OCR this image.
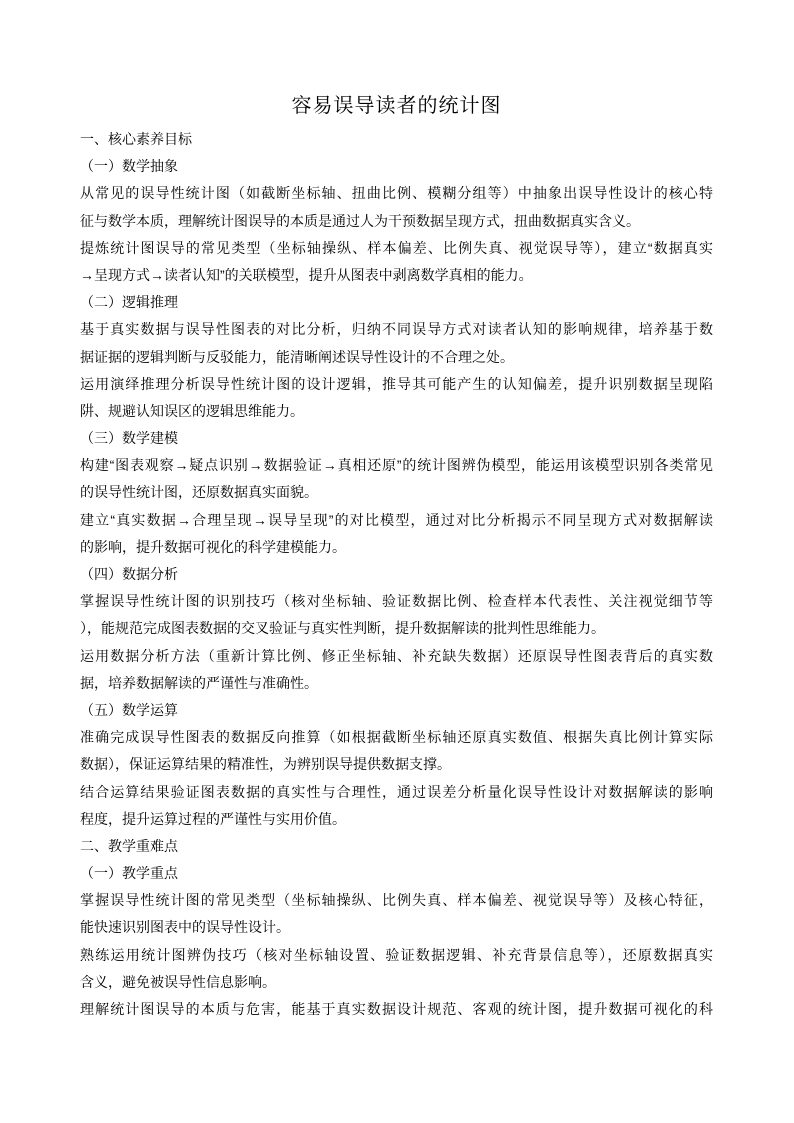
容易误导读者的统计图
一、核心素养目标
（一）数学抽象
从常见的误导性统计图（如截断坐标轴、扭曲比例、模糊分组等）中抽象出误导性设计的核心特
征与数学本质，理解统计图误导的本质是通过人为干预数据呈现方式，扭曲数据真实含义。
提炼统计图误导的常见类型（坐标轴操纵、样本偏差、比例失真、视觉误导等），建立“数据真实
→呈现方式→读者认知”的关联模型，提升从图表中剥离数学真相的能力。
（二）逻辑推理
基于真实数据与误导性图表的对比分析，归纳不同误导方式对读者认知的影响规律，培养基于数
据证据的逻辑判断与反驳能力，能清晰阐述误导性设计的不合理之处。
运用演绎推理分析误导性统计图的设计逻辑，推导其可能产生的认知偏差，提升识别数据呈现陷
阱、规避认知误区的逻辑思维能力。
（三）数学建模
构建“图表观察→疑点识别→数据验证→真相还原”的统计图辨伪模型，能运用该模型识别各类常见
的误导性统计图，还原数据真实面貌。
建立“真实数据→合理呈现→误导呈现”的对比模型，通过对比分析揭示不同呈现方式对数据解读
的影响，提升数据可视化的科学建模能力。
（四）数据分析
掌握误导性统计图的识别技巧（核对坐标轴、验证数据比例、检查样本代表性、关注视觉细节等
），能规范完成图表数据的交叉验证与真实性判断，提升数据解读的批判性思维能力。
运用数据分析方法（重新计算比例、修正坐标轴、补充缺失数据）还原误导性图表背后的真实数
据，培养数据解读的严谨性与准确性。
（五）数学运算
准确完成误导性图表的数据反向推算（如根据截断坐标轴还原真实数值、根据失真比例计算实际
数据），保证运算结果的精准性，为辨别误导提供数据支撑。
结合运算结果验证图表数据的真实性与合理性，通过误差分析量化误导性设计对数据解读的影响
程度，提升运算过程的严谨性与实用价值。
二、教学重难点
（一）教学重点
掌握误导性统计图的常见类型（坐标轴操纵、比例失真、样本偏差、视觉误导等）及核心特征，
能快速识别图表中的误导性设计。
熟练运用统计图辨伪技巧（核对坐标轴设置、验证数据逻辑、补充背景信息等），还原数据真实
含义，避免被误导性信息影响。
理解统计图误导的本质与危害，能基于真实数据设计规范、客观的统计图，提升数据可视化的科
